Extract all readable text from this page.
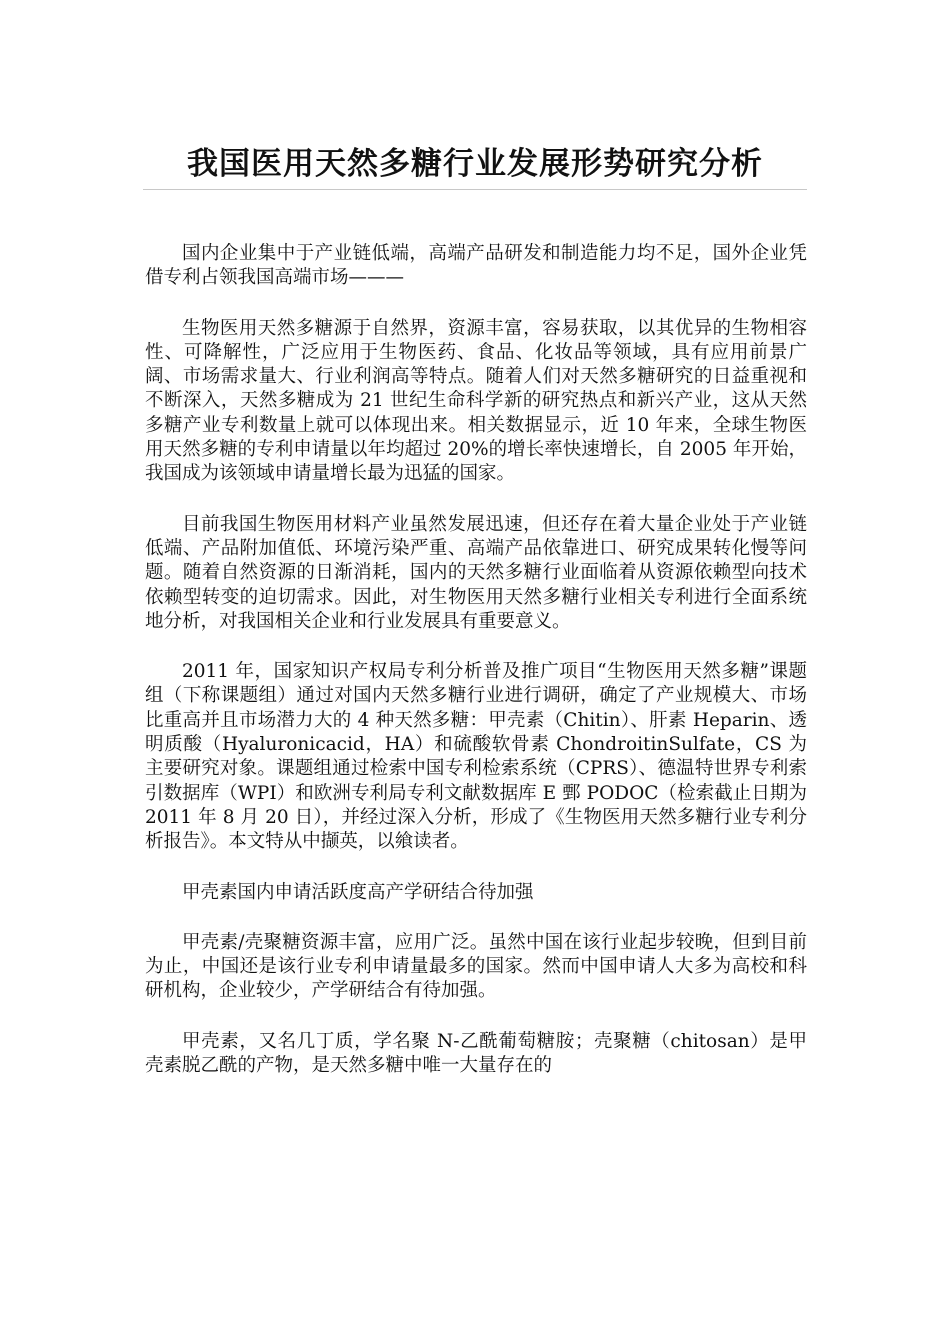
我国医用天然多糖行业发展形势研究分析

国内企业集中于产业链低端，高端产品研发和制造能力均不足，国外企业凭借专利占领我国高端市场———

生物医用天然多糖源于自然界，资源丰富，容易获取，以其优异的生物相容性、可降解性，广泛应用于生物医药、食品、化妆品等领域，具有应用前景广阔、市场需求量大、行业利润高等特点。随着人们对天然多糖研究的日益重视和不断深入，天然多糖成为 21 世纪生命科学新的研究热点和新兴产业，这从天然多糖产业专利数量上就可以体现出来。相关数据显示，近 10 年来，全球生物医用天然多糖的专利申请量以年均超过 20%的增长率快速增长，自 2005 年开始，我国成为该领域申请量增长最为迅猛的国家。

目前我国生物医用材料产业虽然发展迅速，但还存在着大量企业处于产业链低端、产品附加值低、环境污染严重、高端产品依靠进口、研究成果转化慢等问题。随着自然资源的日渐消耗，国内的天然多糖行业面临着从资源依赖型向技术依赖型转变的迫切需求。因此，对生物医用天然多糖行业相关专利进行全面系统地分析，对我国相关企业和行业发展具有重要意义。

2011 年，国家知识产权局专利分析普及推广项目“生物医用天然多糖”课题组（下称课题组）通过对国内天然多糖行业进行调研，确定了产业规模大、市场比重高并且市场潜力大的 4 种天然多糖：甲壳素（Chitin）、肝素 Heparin、透明质酸（Hyaluronicacid，HA）和硫酸软骨素 ChondroitinSulfate，CS 为主要研究对象。课题组通过检索中国专利检索系统（CPRS）、德温特世界专利索引数据库（WPI）和欧洲专利局专利文献数据库 E 鄄 PODOC（检索截止日期为 2011 年 8 月 20 日），并经过深入分析，形成了《生物医用天然多糖行业专利分析报告》。本文特从中撷英，以飨读者。

甲壳素国内申请活跃度高产学研结合待加强

甲壳素/壳聚糖资源丰富，应用广泛。虽然中国在该行业起步较晚，但到目前为止，中国还是该行业专利申请量最多的国家。然而中国申请人大多为高校和科研机构，企业较少，产学研结合有待加强。

甲壳素，又名几丁质，学名聚 N-乙酰葡萄糖胺；壳聚糖（chitosan）是甲壳素脱乙酰的产物，是天然多糖中唯一大量存在的
